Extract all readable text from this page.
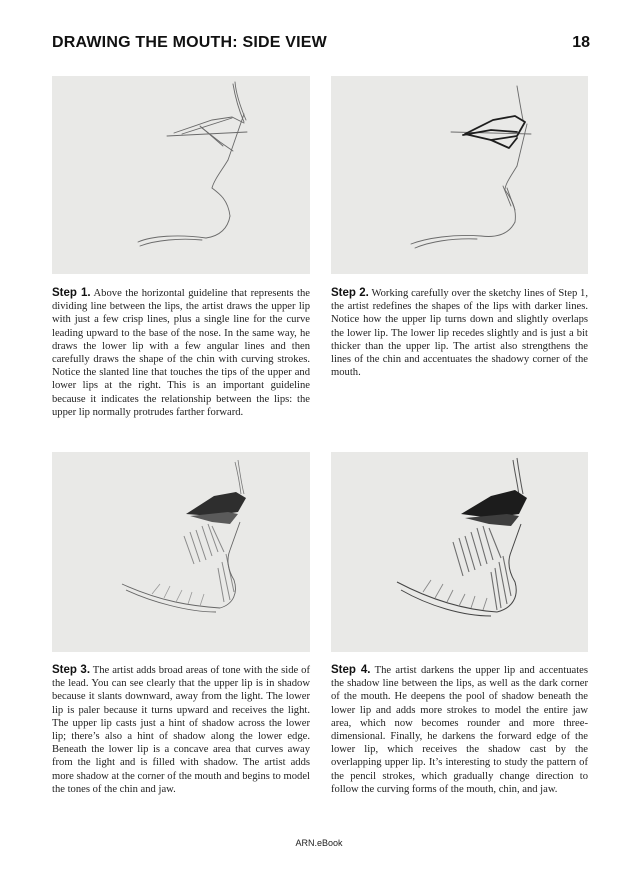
DRAWING THE MOUTH: SIDE VIEW	18
Step 1. Above the horizontal guideline that represents the dividing line between the lips, the artist draws the upper lip with just a few crisp lines, plus a single line for the curve leading upward to the base of the nose. In the same way, he draws the lower lip with a few angular lines and then carefully draws the shape of the chin with curving strokes. Notice the slanted line that touches the tips of the upper and lower lips at the right. This is an important guideline because it indicates the relationship between the lips: the upper lip normally protrudes farther forward.
Step 2. Working carefully over the sketchy lines of Step 1, the artist redefines the shapes of the lips with darker lines. Notice how the upper lip turns down and slightly overlaps the lower lip. The lower lip recedes slightly and is just a bit thicker than the upper lip. The artist also strengthens the lines of the chin and accentuates the shadowy corner of the mouth.
Step 3. The artist adds broad areas of tone with the side of the lead. You can see clearly that the upper lip is in shadow because it slants downward, away from the light. The lower lip is paler because it turns upward and receives the light. The upper lip casts just a hint of shadow across the lower lip; there’s also a hint of shadow along the lower edge. Beneath the lower lip is a concave area that curves away from the light and is filled with shadow. The artist adds more shadow at the corner of the mouth and begins to model the tones of the chin and jaw.
Step 4. The artist darkens the upper lip and accentuates the shadow line between the lips, as well as the dark corner of the mouth. He deepens the pool of shadow beneath the lower lip and adds more strokes to model the entire jaw area, which now becomes rounder and more three-dimensional. Finally, he darkens the forward edge of the lower lip, which receives the shadow cast by the overlapping upper lip. It’s interesting to study the pattern of the pencil strokes, which gradually change direction to follow the curving forms of the mouth, chin, and jaw.
ARN.eBook
